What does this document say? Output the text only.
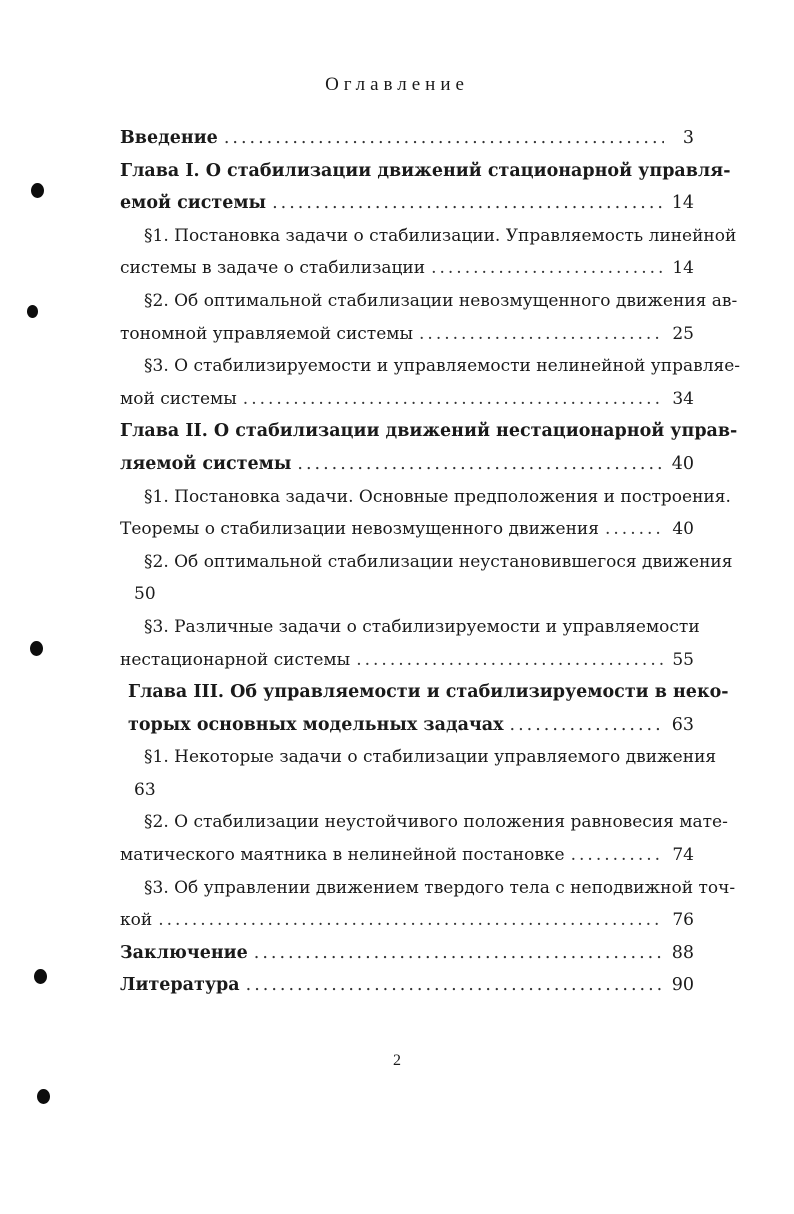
Оглавление
Введение .....	3
Глава I. О стабилизации движений стационарной управля-
емой системы .....	14
§1. Постановка задачи о стабилизации. Управляемость линейной
системы в задаче о стабилизации .....	14
§2. Об оптимальной стабилизации невозмущенного движения ав-
тономной управляемой системы .....	25
§3. О стабилизируемости и управляемости нелинейной управляе-
мой системы .....	34
Глава II. О стабилизации движений нестационарной управ-
ляемой системы .....	40
§1. Постановка задачи. Основные предположения и построения.
Теоремы о стабилизации невозмущенного движения .....	40
§2. Об оптимальной стабилизации неустановившегося движения
50
§3. Различные задачи о стабилизируемости и управляемости
нестационарной системы .....	55
Глава III. Об управляемости и стабилизируемости в неко-
торых основных модельных задачах .....	63
§1. Некоторые задачи о стабилизации управляемого движения
63
§2. О стабилизации неустойчивого положения равновесия мате-
матического маятника в нелинейной постановке .....	74
§3. Об управлении движением твердого тела с неподвижной точ-
кой .....	76
Заключение .....	88
Литература .....	90
2
